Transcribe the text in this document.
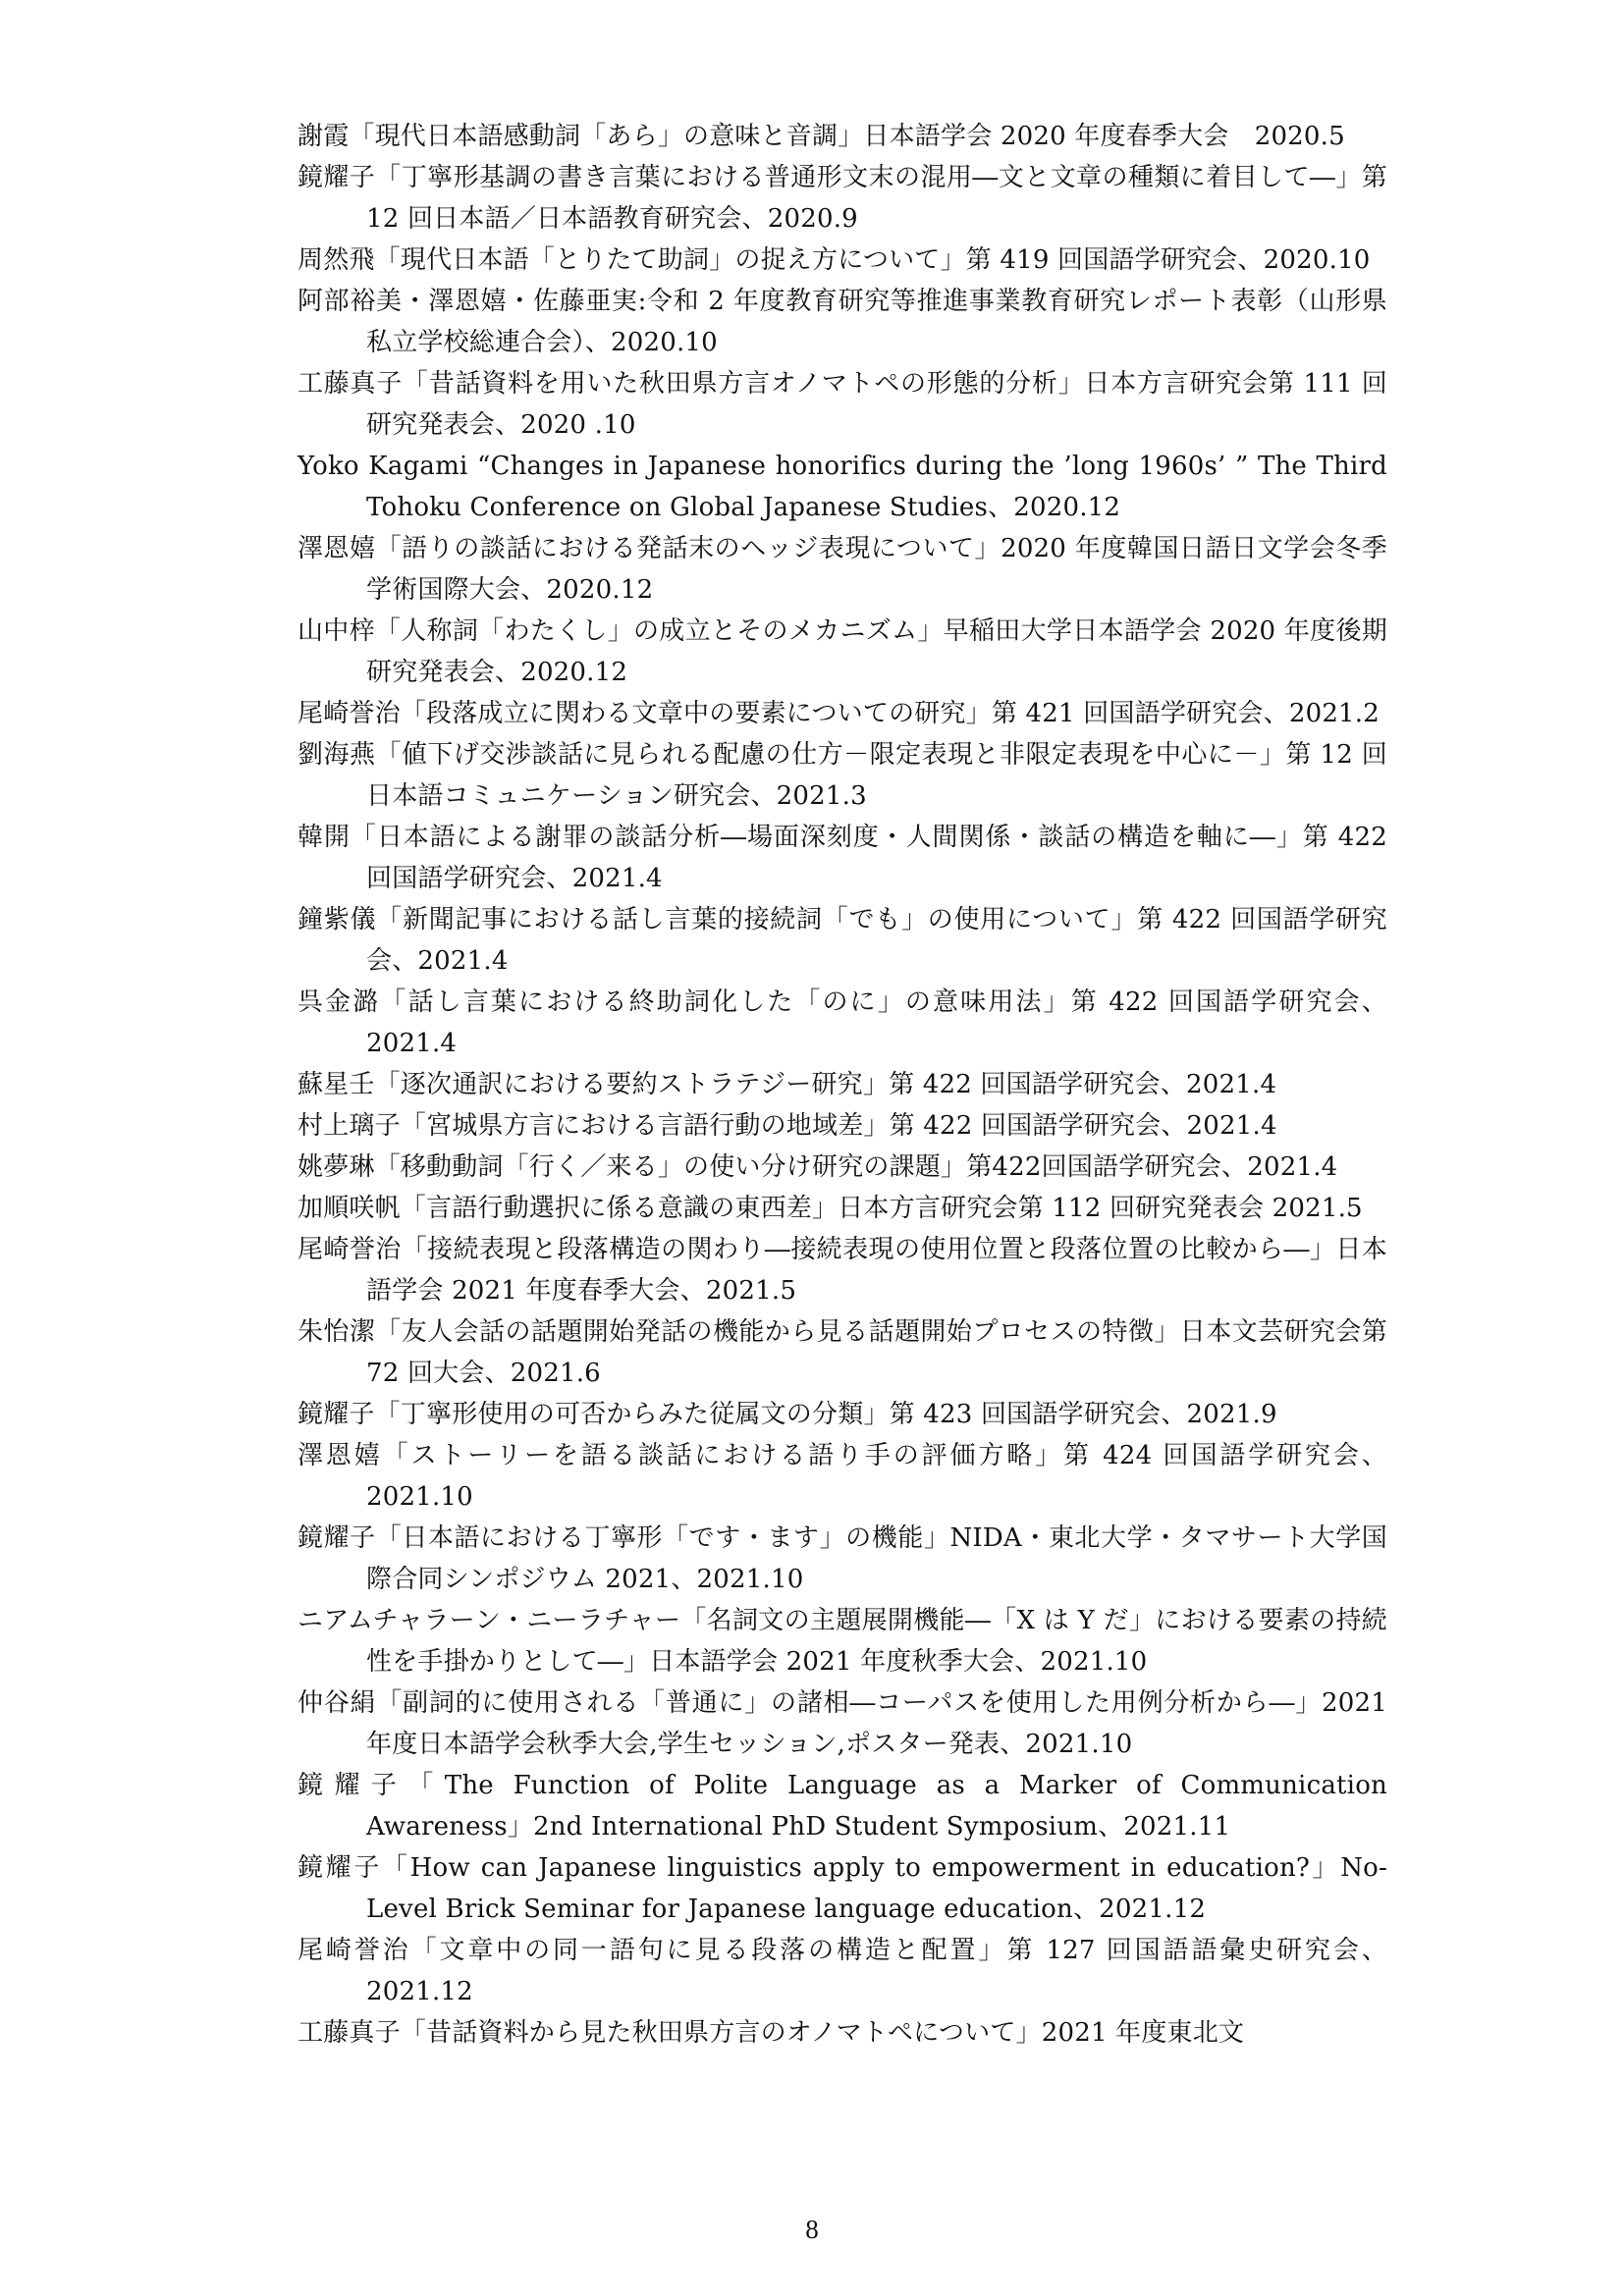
謝霞「現代日本語感動詞「あら」の意味と音調」日本語学会 2020 年度春季大会　2020.5
鏡耀子「丁寧形基調の書き言葉における普通形文末の混用―文と文章の種類に着目して―」第 12 回日本語／日本語教育研究会、2020.9
周然飛「現代日本語「とりたて助詞」の捉え方について」第 419 回国語学研究会、2020.10
阿部裕美・澤恩嬉・佐藤亜実:令和 2 年度教育研究等推進事業教育研究レポート表彰（山形県私立学校総連合会）、2020.10
工藤真子「昔話資料を用いた秋田県方言オノマトペの形態的分析」日本方言研究会第 111 回研究発表会、2020 .10
Yoko Kagami “Changes in Japanese honorifics during the ’long 1960s’ ” The Third Tohoku Conference on Global Japanese Studies、2020.12
澤恩嬉「語りの談話における発話末のヘッジ表現について」2020 年度韓国日語日文学会冬季学術国際大会、2020.12
山中梓「人称詞「わたくし」の成立とそのメカニズム」早稲田大学日本語学会 2020 年度後期研究発表会、2020.12
尾崎誉治「段落成立に関わる文章中の要素についての研究」第 421 回国語学研究会、2021.2
劉海燕「値下げ交渉談話に見られる配慮の仕方－限定表現と非限定表現を中心に－」第 12 回日本語コミュニケーション研究会、2021.3
韓開「日本語による謝罪の談話分析―場面深刻度・人間関係・談話の構造を軸に―」第 422 回国語学研究会、2021.4
鐘紫儀「新聞記事における話し言葉的接続詞「でも」の使用について」第 422 回国語学研究会、2021.4
呉金潞「話し言葉における終助詞化した「のに」の意味用法」第 422 回国語学研究会、2021.4
蘇星壬「逐次通訳における要約ストラテジー研究」第 422 回国語学研究会、2021.4
村上璃子「宮城県方言における言語行動の地域差」第 422 回国語学研究会、2021.4
姚夢琳「移動動詞「行く／来る」の使い分け研究の課題」第422回国語学研究会、2021.4
加順咲帆「言語行動選択に係る意識の東西差」日本方言研究会第 112 回研究発表会 2021.5
尾崎誉治「接続表現と段落構造の関わり―接続表現の使用位置と段落位置の比較から―」日本語学会 2021 年度春季大会、2021.5
朱怡潔「友人会話の話題開始発話の機能から見る話題開始プロセスの特徴」日本文芸研究会第 72 回大会、2021.6
鏡耀子「丁寧形使用の可否からみた従属文の分類」第 423 回国語学研究会、2021.9
澤恩嬉「ストーリーを語る談話における語り手の評価方略」第 424 回国語学研究会、2021.10
鏡耀子「日本語における丁寧形「です・ます」の機能」NIDA・東北大学・タマサート大学国際合同シンポジウム 2021、2021.10
ニアムチャラーン・ニーラチャー「名詞文の主題展開機能―「X は Y だ」における要素の持続性を手掛かりとして―」日本語学会 2021 年度秋季大会、2021.10
仲谷絹「副詞的に使用される「普通に」の諸相―コーパスを使用した用例分析から―」2021 年度日本語学会秋季大会,学生セッション,ポスター発表、2021.10
鏡耀子「The Function of Polite Language as a Marker of Communication Awareness」2nd International PhD Student Symposium、2021.11
鏡耀子「How can Japanese linguistics apply to empowerment in education?」No-Level Brick Seminar for Japanese language education、2021.12
尾崎誉治「文章中の同一語句に見る段落の構造と配置」第 127 回国語語彙史研究会、2021.12
工藤真子「昔話資料から見た秋田県方言のオノマトペについて」2021 年度東北文
8
